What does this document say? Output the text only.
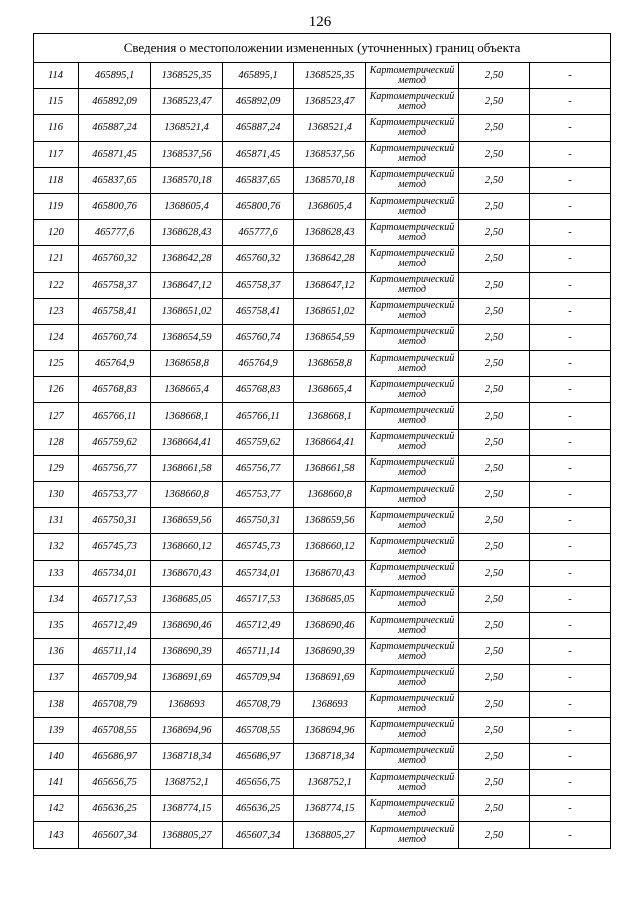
126
Сведения о местоположении измененных (уточненных) границ объекта							
114	465895,1	1368525,35	465895,1	1368525,35	Картометрический метод	2,50	-
115	465892,09	1368523,47	465892,09	1368523,47	Картометрический метод	2,50	-
116	465887,24	1368521,4	465887,24	1368521,4	Картометрический метод	2,50	-
117	465871,45	1368537,56	465871,45	1368537,56	Картометрический метод	2,50	-
118	465837,65	1368570,18	465837,65	1368570,18	Картометрический метод	2,50	-
119	465800,76	1368605,4	465800,76	1368605,4	Картометрический метод	2,50	-
120	465777,6	1368628,43	465777,6	1368628,43	Картометрический метод	2,50	-
121	465760,32	1368642,28	465760,32	1368642,28	Картометрический метод	2,50	-
122	465758,37	1368647,12	465758,37	1368647,12	Картометрический метод	2,50	-
123	465758,41	1368651,02	465758,41	1368651,02	Картометрический метод	2,50	-
124	465760,74	1368654,59	465760,74	1368654,59	Картометрический метод	2,50	-
125	465764,9	1368658,8	465764,9	1368658,8	Картометрический метод	2,50	-
126	465768,83	1368665,4	465768,83	1368665,4	Картометрический метод	2,50	-
127	465766,11	1368668,1	465766,11	1368668,1	Картометрический метод	2,50	-
128	465759,62	1368664,41	465759,62	1368664,41	Картометрический метод	2,50	-
129	465756,77	1368661,58	465756,77	1368661,58	Картометрический метод	2,50	-
130	465753,77	1368660,8	465753,77	1368660,8	Картометрический метод	2,50	-
131	465750,31	1368659,56	465750,31	1368659,56	Картометрический метод	2,50	-
132	465745,73	1368660,12	465745,73	1368660,12	Картометрический метод	2,50	-
133	465734,01	1368670,43	465734,01	1368670,43	Картометрический метод	2,50	-
134	465717,53	1368685,05	465717,53	1368685,05	Картометрический метод	2,50	-
135	465712,49	1368690,46	465712,49	1368690,46	Картометрический метод	2,50	-
136	465711,14	1368690,39	465711,14	1368690,39	Картометрический метод	2,50	-
137	465709,94	1368691,69	465709,94	1368691,69	Картометрический метод	2,50	-
138	465708,79	1368693	465708,79	1368693	Картометрический метод	2,50	-
139	465708,55	1368694,96	465708,55	1368694,96	Картометрический метод	2,50	-
140	465686,97	1368718,34	465686,97	1368718,34	Картометрический метод	2,50	-
141	465656,75	1368752,1	465656,75	1368752,1	Картометрический метод	2,50	-
142	465636,25	1368774,15	465636,25	1368774,15	Картометрический метод	2,50	-
143	465607,34	1368805,27	465607,34	1368805,27	Картометрический метод	2,50	-
